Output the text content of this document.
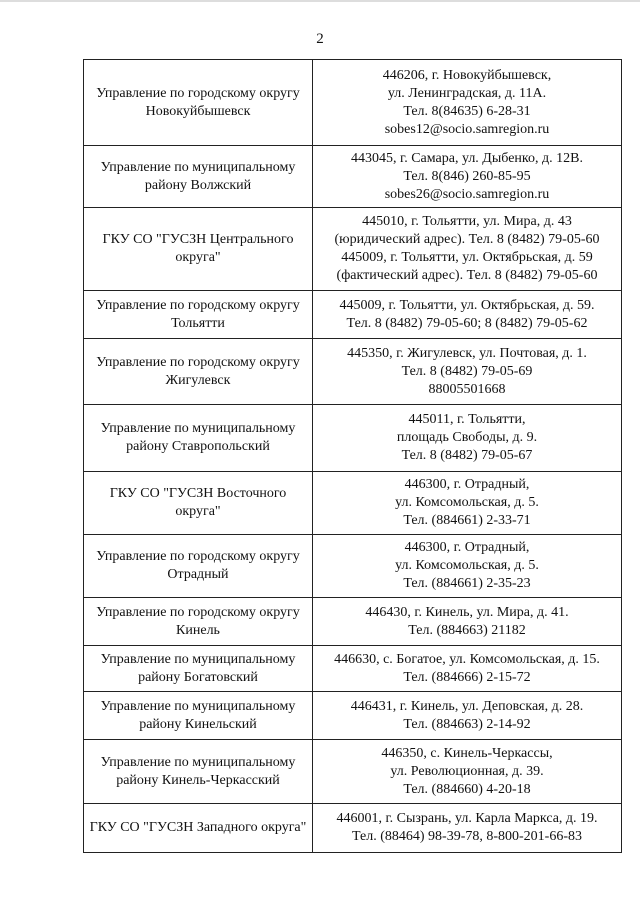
2
Управление по городскому округу Новокуйбышевск	446206, г. Новокуйбышевск,
ул. Ленинградская, д. 11А.
Тел. 8(84635) 6-28-31
sobes12@socio.samregion.ru

Управление по муниципальному району Волжский	443045, г. Самара, ул. Дыбенко, д. 12В.
Тел. 8(846) 260-85-95
sobes26@socio.samregion.ru

ГКУ СО "ГУСЗН Центрального округа"	445010, г. Тольятти, ул. Мира, д. 43
(юридический адрес). Тел. 8 (8482) 79-05-60
445009, г. Тольятти, ул. Октябрьская, д. 59
(фактический адрес). Тел. 8 (8482) 79-05-60

Управление по городскому округу Тольятти	445009, г. Тольятти, ул. Октябрьская, д. 59.
Тел. 8 (8482) 79-05-60; 8 (8482) 79-05-62

Управление по городскому округу Жигулевск	445350, г. Жигулевск, ул. Почтовая, д. 1.
Тел. 8 (8482) 79-05-69
88005501668

Управление по муниципальному району Ставропольский	445011, г. Тольятти,
площадь Свободы, д. 9.
Тел. 8 (8482) 79-05-67

ГКУ СО "ГУСЗН Восточного округа"	446300, г. Отрадный,
ул. Комсомольская, д. 5.
Тел. (884661) 2-33-71

Управление по городскому округу Отрадный	446300, г. Отрадный,
ул. Комсомольская, д. 5.
Тел. (884661) 2-35-23

Управление по городскому округу Кинель	446430, г. Кинель, ул. Мира, д. 41.
Тел. (884663) 21182

Управление по муниципальному району Богатовский	446630, с. Богатое, ул. Комсомольская, д. 15.
Тел. (884666) 2-15-72

Управление по муниципальному району Кинельский	446431, г. Кинель, ул. Деповская, д. 28.
Тел. (884663) 2-14-92

Управление по муниципальному району Кинель-Черкасский	446350, с. Кинель-Черкассы,
ул. Революционная, д. 39.
Тел. (884660) 4-20-18

ГКУ СО "ГУСЗН Западного округа"	446001, г. Сызрань, ул. Карла Маркса, д. 19.
Тел. (88464) 98-39-78, 8-800-201-66-83
